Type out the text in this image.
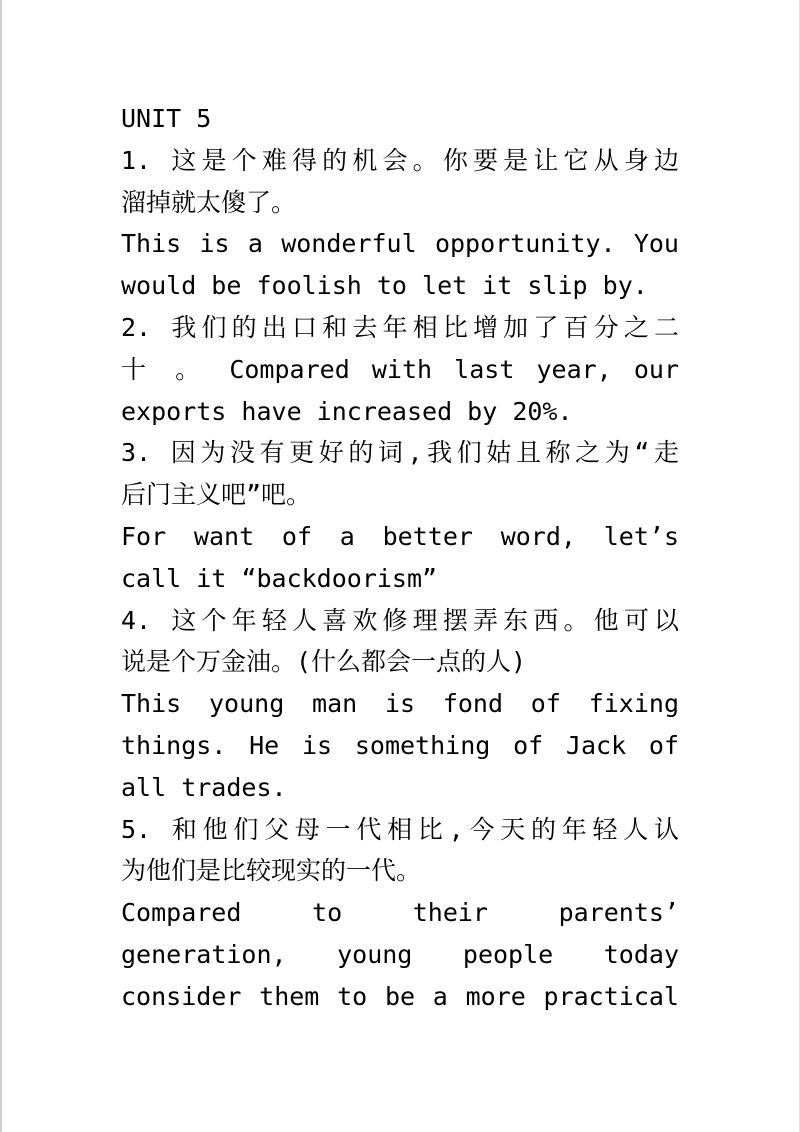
UNIT 5
1. 这是个难得的机会。你要是让它从身边
溜掉就太傻了。
This is a wonderful opportunity. You
would be foolish to let it slip by.
2. 我们的出口和去年相比增加了百分之二
十 。 Compared with last year, our
exports have increased by 20%.
3. 因为没有更好的词,我们姑且称之为“走
后门主义吧”吧。
For want of a better word, let’s
call it “backdoorism”
4. 这个年轻人喜欢修理摆弄东西。他可以
说是个万金油。(什么都会一点的人)
This young man is fond of fixing
things. He is something of Jack of
all trades.
5. 和他们父母一代相比,今天的年轻人认
为他们是比较现实的一代。
Compared to their parents’
generation, young people today
consider them to be a more practical
